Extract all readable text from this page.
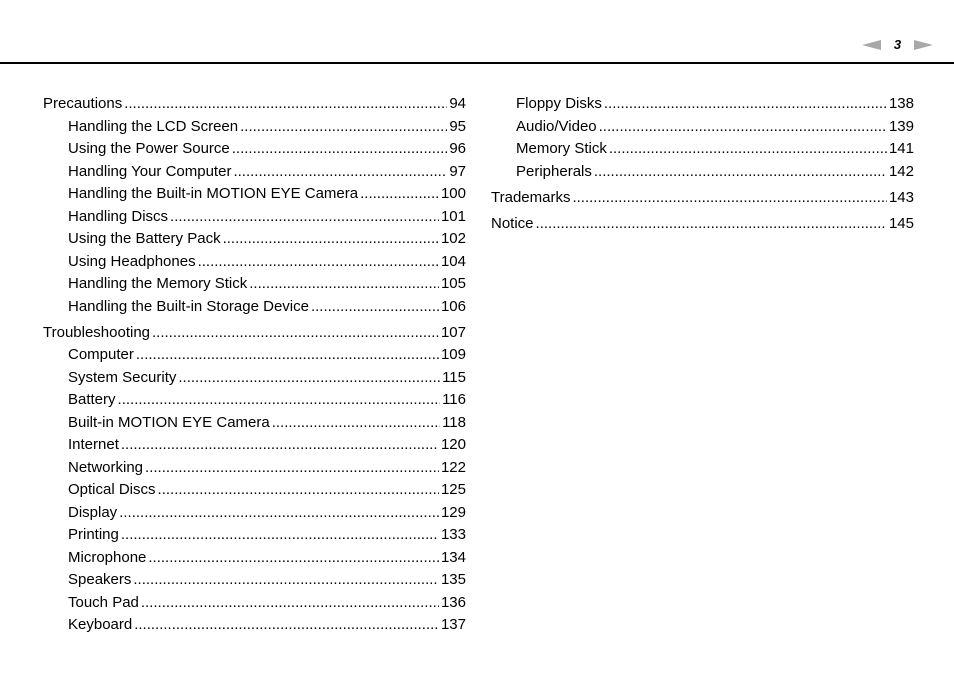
3
Precautions .....	94
Handling the LCD Screen .....	95
Using the Power Source .....	96
Handling Your Computer .....	97
Handling the Built-in MOTION EYE Camera .....	100
Handling Discs .....	101
Using the Battery Pack .....	102
Using Headphones .....	104
Handling the Memory Stick .....	105
Handling the Built-in Storage Device .....	106
Troubleshooting .....	107
Computer .....	109
System Security .....	115
Battery .....	116
Built-in MOTION EYE Camera .....	118
Internet .....	120
Networking .....	122
Optical Discs .....	125
Display .....	129
Printing .....	133
Microphone .....	134
Speakers .....	135
Touch Pad .....	136
Keyboard .....	137
Floppy Disks .....	138
Audio/Video .....	139
Memory Stick .....	141
Peripherals .....	142
Trademarks .....	143
Notice .....	145
